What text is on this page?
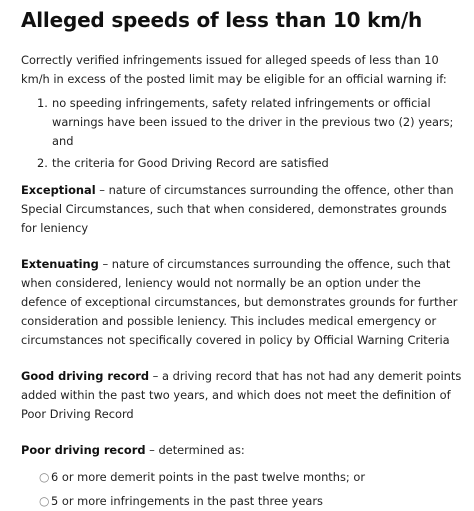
Alleged speeds of less than 10 km/h

Correctly verified infringements issued for alleged speeds of less than 10 km/h in excess of the posted limit may be eligible for an official warning if:

1. no speeding infringements, safety related infringements or official warnings have been issued to the driver in the previous two (2) years; and
2. the criteria for Good Driving Record are satisfied

Exceptional – nature of circumstances surrounding the offence, other than Special Circumstances, such that when considered, demonstrates grounds for leniency

Extenuating – nature of circumstances surrounding the offence, such that when considered, leniency would not normally be an option under the defence of exceptional circumstances, but demonstrates grounds for further consideration and possible leniency. This includes medical emergency or circumstances not specifically covered in policy by Official Warning Criteria

Good driving record – a driving record that has not had any demerit points added within the past two years, and which does not meet the definition of Poor Driving Record

Poor driving record – determined as:

○ 6 or more demerit points in the past twelve months; or
○ 5 or more infringements in the past three years
